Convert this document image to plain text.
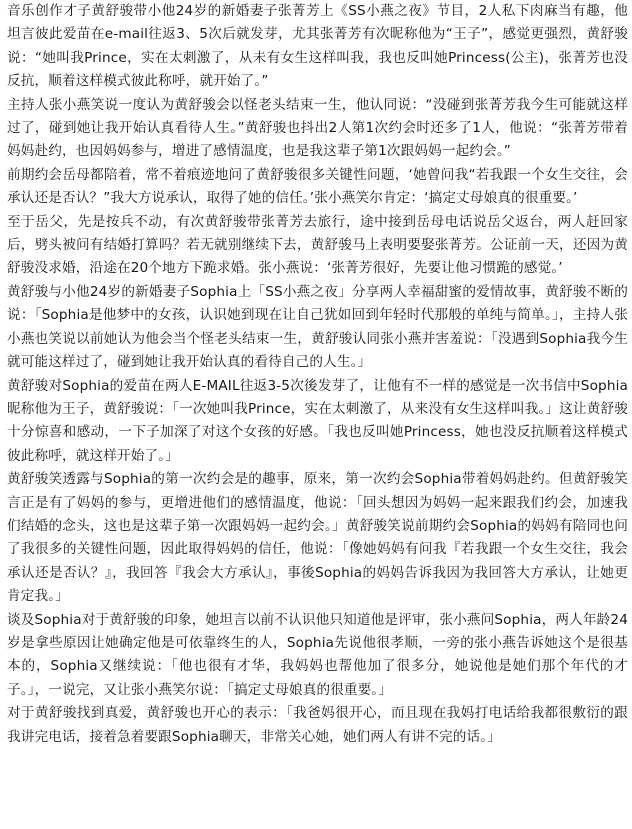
音乐创作才子黄舒骏带小他24岁的新婚妻子张菁芳上《SS小燕之夜》节目，2人私下肉麻当有趣，他坦言彼此爱苗在e-mail往返3、5次后就发芽，尤其张菁芳有次昵称他为“王子”，感觉更强烈，黄舒骏说：“她叫我Prince，实在太刺激了，从未有女生这样叫我，我也反叫她Princess(公主)，张菁芳也没反抗，顺着这样模式彼此称呼，就开始了。”

主持人张小燕笑说一度认为黄舒骏会以怪老头结束一生，他认同说：“没碰到张菁芳我今生可能就这样过了，碰到她让我开始认真看待人生。”黄舒骏也抖出2人第1次约会时还多了1人，他说：“张菁芳带着妈妈赴约，也因妈妈参与，增进了感情温度，也是我这辈子第1次跟妈妈一起约会。”

前期约会岳母都陪着，常不着痕迹地问了黄舒骏很多关键性问题，‘她曾问我“若我跟一个女生交往，会承认还是否认？”我大方说承认，取得了她的信任。’张小燕笑尔肯定：‘搞定丈母娘真的很重要。’

至于岳父，先是按兵不动，有次黄舒骏带张菁芳去旅行，途中接到岳母电话说岳父返台，两人赶回家后，劈头被问有结婚打算吗？若无就别继续下去，黄舒骏马上表明要娶张菁芳。公证前一天，还因为黄舒骏没求婚，沿途在20个地方下跪求婚。张小燕说：‘张菁芳很好，先要让他习惯跪的感觉。’

黄舒骏与小他24岁的新婚妻子Sophia上「SS小燕之夜」分享两人幸福甜蜜的爱情故事，黄舒骏不断的说：「Sophia是他梦中的女孩，认识她到现在让自己犹如回到年轻时代那般的单纯与简单。」，主持人张小燕也笑说以前她认为他会当个怪老头结束一生，黄舒骏认同张小燕并害羞说：「没遇到Sophia我今生就可能这样过了，碰到她让我开始认真的看待自己的人生。」

黄舒骏对Sophia的爱苗在两人E-MAIL往返3-5次後发芽了，让他有不一样的感觉是一次书信中Sophia昵称他为王子，黄舒骏说：「一次她叫我Prince，实在太刺激了，从来没有女生这样叫我。」这让黄舒骏十分惊喜和感动，一下子加深了对这个女孩的好感。「我也反叫她Princess，她也没反抗顺着这样模式彼此称呼，就这样开始了。」

黄舒骏笑透露与Sophia的第一次约会是的趣事，原来，第一次约会Sophia带着妈妈赴约。但黄舒骏笑言正是有了妈妈的参与，更增进他们的感情温度，他说：「回头想因为妈妈一起来跟我们约会，加速我们结婚的念头，这也是这辈子第一次跟妈妈一起约会。」黄舒骏笑说前期约会Sophia的妈妈有陪同也问了我很多的关键性问题，因此取得妈妈的信任，他说：「像她妈妈有问我『若我跟一个女生交往，我会承认还是否认？』，我回答『我会大方承认』，事後Sophia的妈妈告诉我因为我回答大方承认，让她更肯定我。」

谈及Sophia对于黄舒骏的印象，她坦言以前不认识他只知道他是评审，张小燕问Sophia，两人年龄24岁是拿些原因让她确定他是可依靠终生的人，Sophia先说他很孝顺，一旁的张小燕告诉她这个是很基本的，Sophia又继续说：「他也很有才华，我妈妈也帮他加了很多分，她说他是她们那个年代的才子。」，一说完，又让张小燕笑尔说：「搞定丈母娘真的很重要。」

对于黄舒骏找到真爱，黄舒骏也开心的表示：「我爸妈很开心，而且现在我妈打电话给我都很敷衍的跟我讲完电话，接着急着要跟Sophia聊天，非常关心她，她们两人有讲不完的话。」
